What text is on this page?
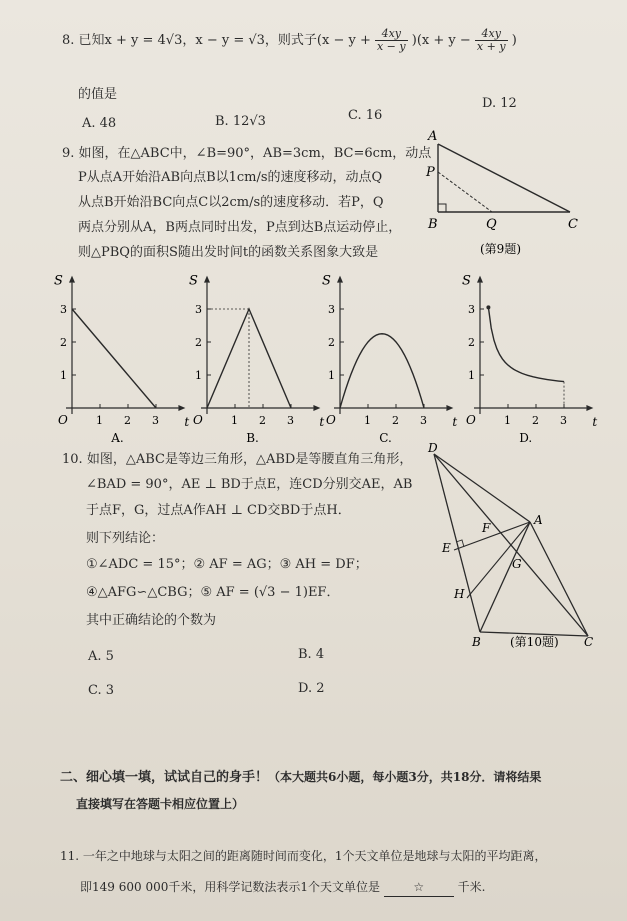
8. 已知x + y = 4√3，x − y = √3，则式子$(x - y + \frac{4xy}{x - y} )(x + y - \frac{4xy}{x + y}$ )
的值是
A. 48	B. 12√3	C. 16
D. 12
9. 如图，在△ABC中，∠B=90°，AB=3cm，BC=6cm，动点
P从点A开始沿AB向点B以1cm/s的速度移动，动点Q
从点B开始沿BC向点C以2cm/s的速度移动．若P，Q
两点分别从A，B两点同时出发，P点到达B点运动停止，
则△PBQ的面积S随出发时间t的函数关系图象大致是
A
P
B	Q	C
(第9题)
S
t
O	1 2 3
1
2
3
A.
S
t
O	1 2 3
1
2
3
B.
S
t
O	1 2 3
1
2
3
C.
S
t
O	1 2 3
1
2
3
D.
10. 如图，△ABC是等边三角形，△ABD是等腰直角三角形，
∠BAD = 90°，AE ⊥ BD于点E，连CD分别交AE，AB
于点F，G，过点A作AH ⊥ CD交BD于点H．
则下列结论：
①∠ADC = 15°；② AF = AG；③ AH = DF；
④△AFG∽△CBG；⑤ AF = (√3 − 1)EF．
其中正确结论的个数为
A. 5	B. 4
C. 3	D. 2
D
A
F
E
G
H
B	C
(第10题)
二、细心填一填，试试自己的身手！（本大题共6小题，每小题3分，共18分．请将结果
直接填写在答题卡相应位置上）
11. 一年之中地球与太阳之间的距离随时间而变化，1个天文单位是地球与太阳的平均距离，
即149 600 000千米，用科学记数法表示1个天文单位是	☆	千米.
